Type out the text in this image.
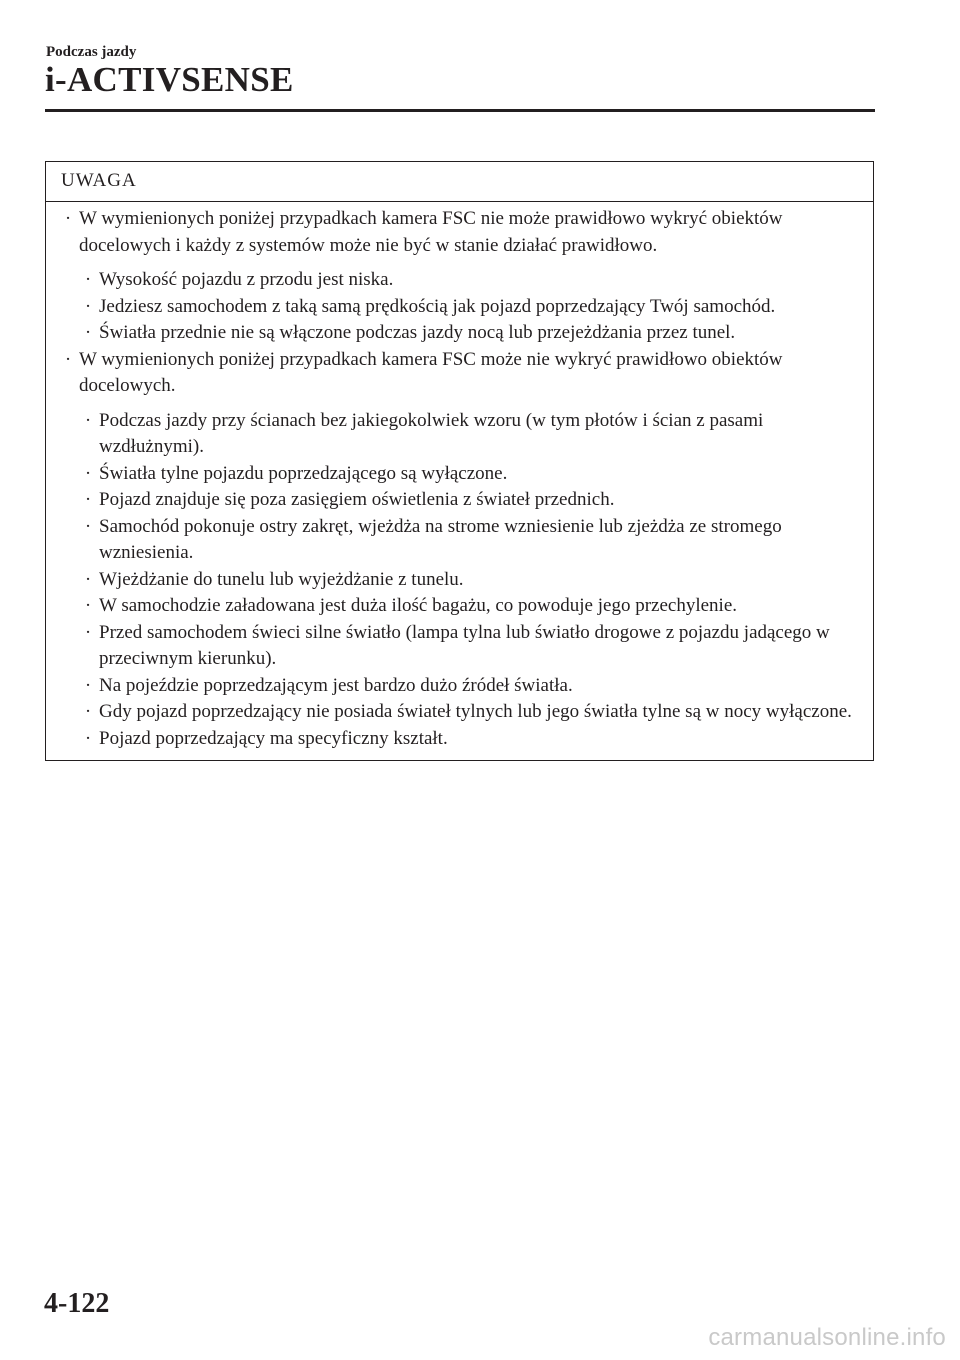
Podczas jazdy

i-ACTIVSENSE
UWAGA

· W wymienionych poniżej przypadkach kamera FSC nie może prawidłowo wykryć obiektów docelowych i każdy z systemów może nie być w stanie działać prawidłowo.

· Wysokość pojazdu z przodu jest niska.

· Jedziesz samochodem z taką samą prędkością jak pojazd poprzedzający Twój samochód.

· Światła przednie nie są włączone podczas jazdy nocą lub przejeżdżania przez tunel.

· W wymienionych poniżej przypadkach kamera FSC może nie wykryć prawidłowo obiektów docelowych.

· Podczas jazdy przy ścianach bez jakiegokolwiek wzoru (w tym płotów i ścian z pasami wzdłużnymi).

· Światła tylne pojazdu poprzedzającego są wyłączone.

· Pojazd znajduje się poza zasięgiem oświetlenia z świateł przednich.

· Samochód pokonuje ostry zakręt, wjeżdża na strome wzniesienie lub zjeżdża ze stromego wzniesienia.

· Wjeżdżanie do tunelu lub wyjeżdżanie z tunelu.

· W samochodzie załadowana jest duża ilość bagażu, co powoduje jego przechylenie.

· Przed samochodem świeci silne światło (lampa tylna lub światło drogowe z pojazdu jadącego w przeciwnym kierunku).

· Na pojeździe poprzedzającym jest bardzo dużo źródeł światła.

· Gdy pojazd poprzedzający nie posiada świateł tylnych lub jego światła tylne są w nocy wyłączone.

· Pojazd poprzedzający ma specyficzny kształt.

4-122

carmanualsonline.info
